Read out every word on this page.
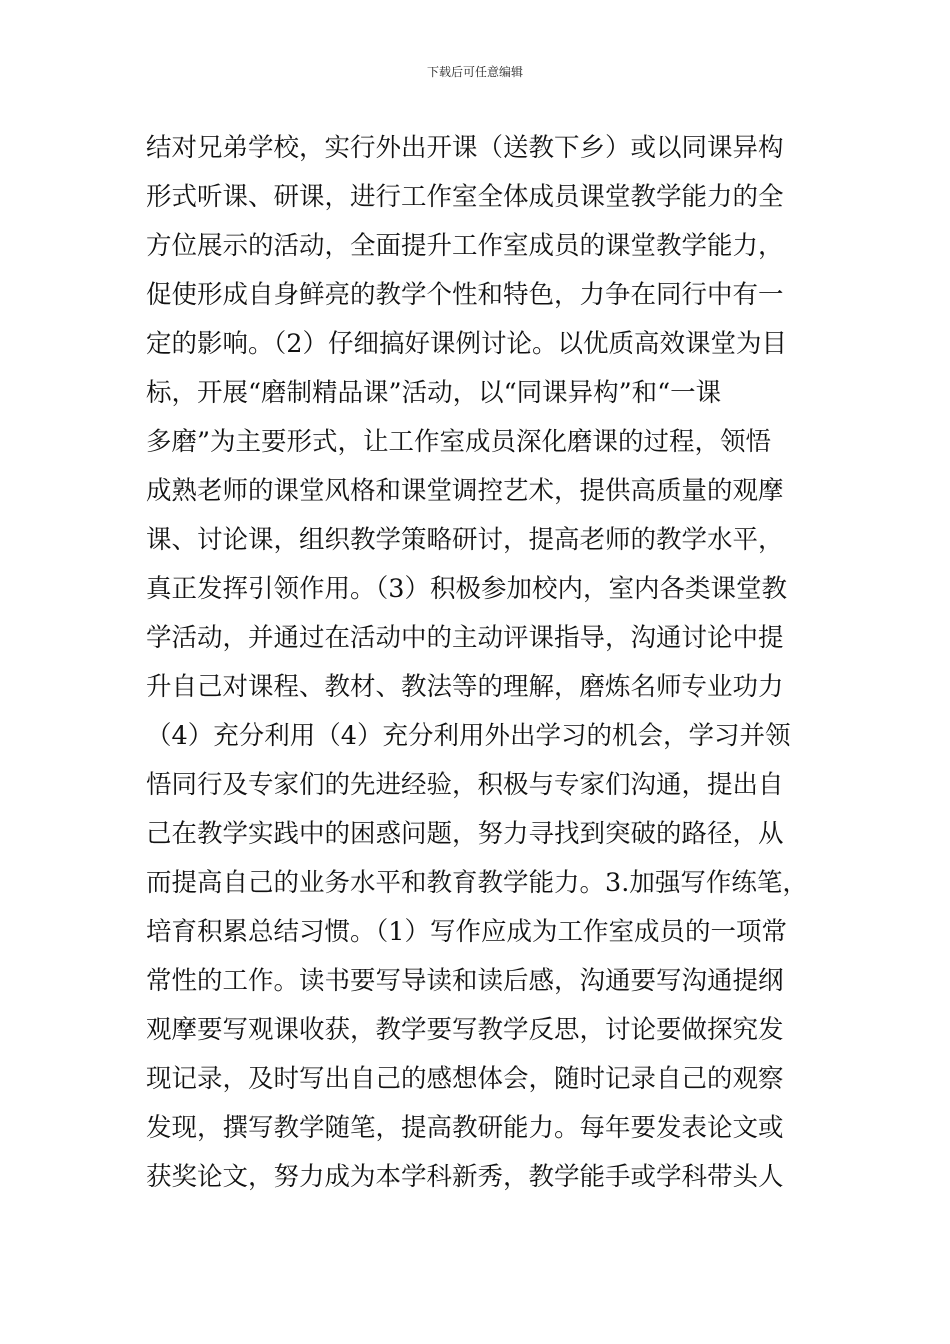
下载后可任意编辑
结对兄弟学校，实行外出开课（送教下乡）或以同课异构
形式听课、研课，进行工作室全体成员课堂教学能力的全
方位展示的活动，全面提升工作室成员的课堂教学能力，
促使形成自身鲜亮的教学个性和特色，力争在同行中有一
定的影响。（2）仔细搞好课例讨论。以优质高效课堂为目
标，开展“磨制精品课”活动，以“同课异构”和“一课
多磨”为主要形式，让工作室成员深化磨课的过程，领悟
成熟老师的课堂风格和课堂调控艺术，提供高质量的观摩
课、讨论课，组织教学策略研讨，提高老师的教学水平，
真正发挥引领作用。（3）积极参加校内，室内各类课堂教
学活动，并通过在活动中的主动评课指导，沟通讨论中提
升自己对课程、教材、教法等的理解，磨炼名师专业功力
（4）充分利用（4）充分利用外出学习的机会，学习并领
悟同行及专家们的先进经验，积极与专家们沟通，提出自
己在教学实践中的困惑问题，努力寻找到突破的路径，从
而提高自己的业务水平和教育教学能力。3.加强写作练笔，
培育积累总结习惯。（1）写作应成为工作室成员的一项常
常性的工作。读书要写导读和读后感，沟通要写沟通提纲
观摩要写观课收获，教学要写教学反思，讨论要做探究发
现记录，及时写出自己的感想体会，随时记录自己的观察
发现，撰写教学随笔，提高教研能力。每年要发表论文或
获奖论文，努力成为本学科新秀，教学能手或学科带头人
